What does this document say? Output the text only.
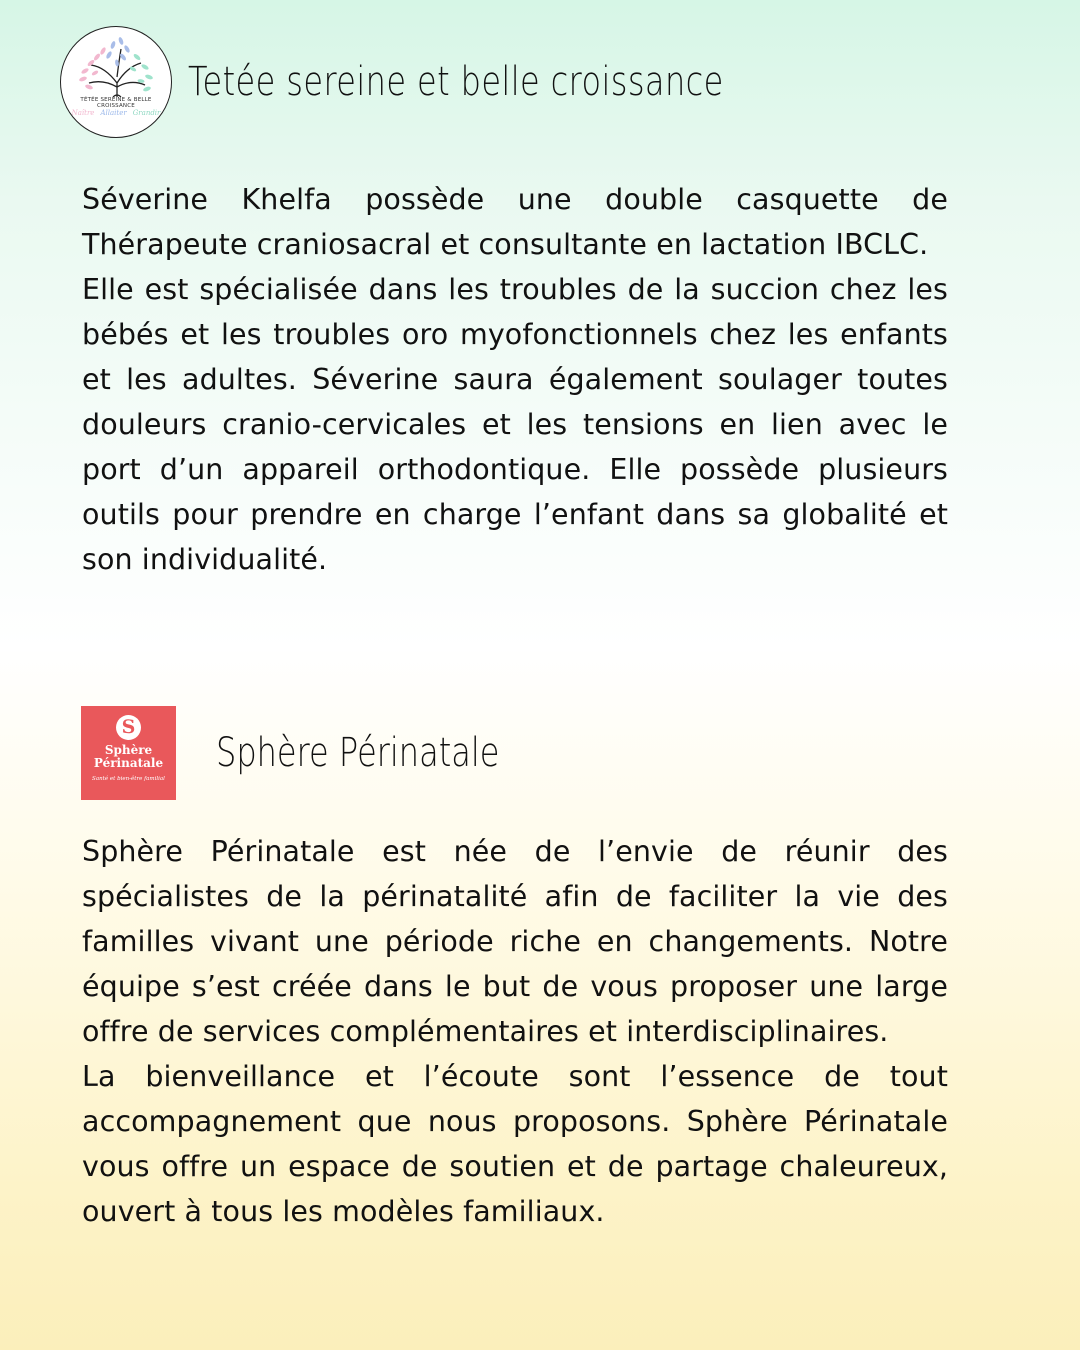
TÉTÉE SEREINE & BELLE CROISSANCE
Naître Allaiter Grandir
Tetée sereine et belle croissance

Séverine Khelfa possède une double casquette de Thérapeute craniosacral et consultante en lactation IBCLC.

Elle est spécialisée dans les troubles de la succion chez les bébés et les troubles oro myofonctionnels chez les enfants et les adultes. Séverine saura également soulager toutes douleurs cranio-cervicales et les tensions en lien avec le port d’un appareil orthodontique. Elle possède plusieurs outils pour prendre en charge l’enfant dans sa globalité et son individualité.

S
Sphère
Périnatale
Santé et bien-être familial
Sphère Périnatale

Sphère Périnatale est née de l’envie de réunir des spécialistes de la périnatalité afin de faciliter la vie des familles vivant une période riche en changements. Notre équipe s’est créée dans le but de vous proposer une large offre de services complémentaires et interdisciplinaires.

La bienveillance et l’écoute sont l’essence de tout accompagnement que nous proposons. Sphère Périnatale vous offre un espace de soutien et de partage chaleureux, ouvert à tous les modèles familiaux.
